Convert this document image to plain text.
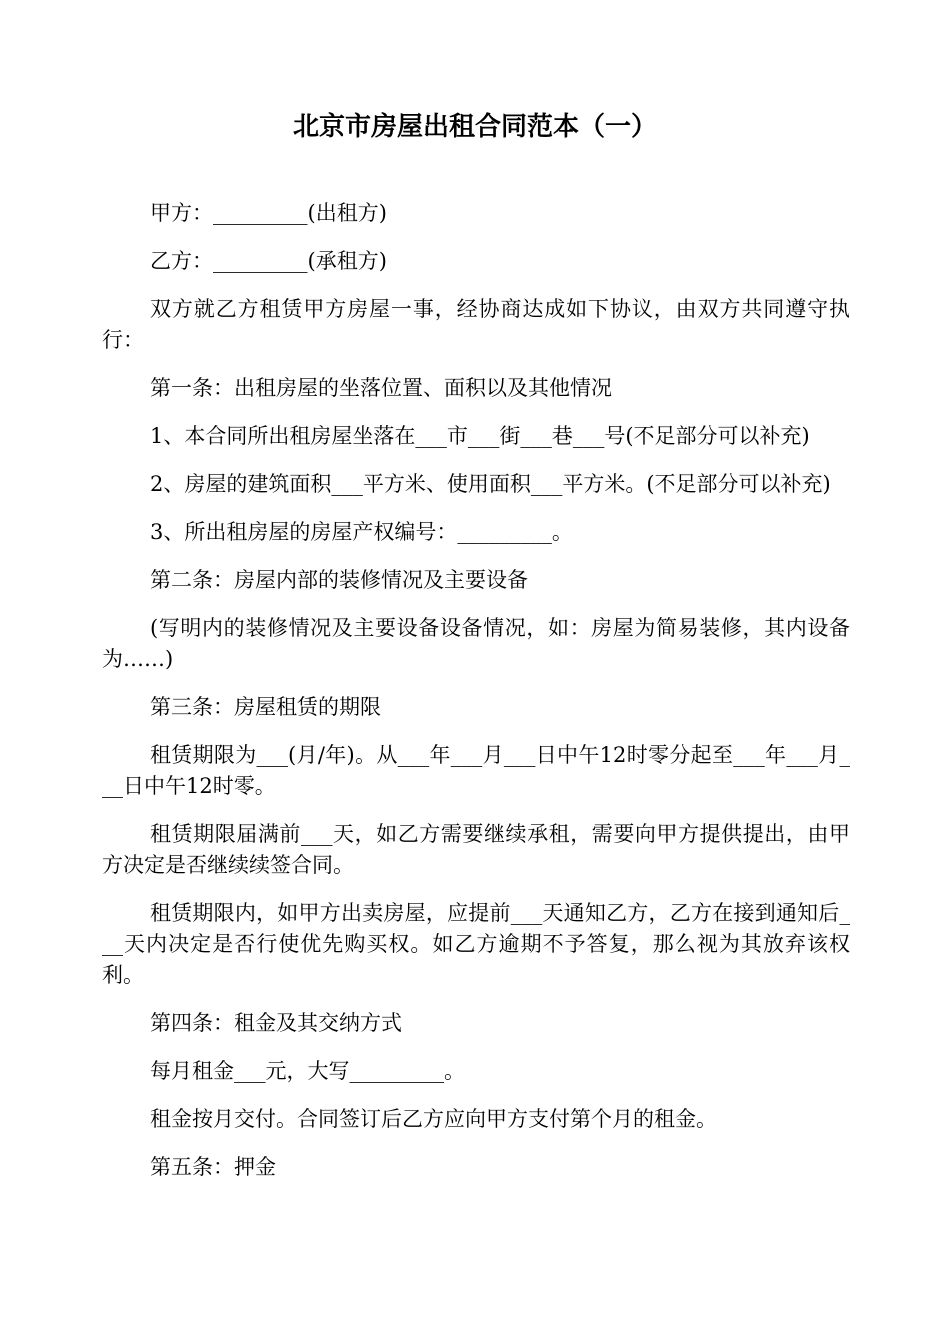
北京市房屋出租合同范本（一）

甲方：_________(出租方)

乙方：_________(承租方)

双方就乙方租赁甲方房屋一事，经协商达成如下协议，由双方共同遵守执行：

第一条：出租房屋的坐落位置、面积以及其他情况

1、本合同所出租房屋坐落在___市___街___巷___号(不足部分可以补充)

2、房屋的建筑面积___平方米、使用面积___平方米。(不足部分可以补充)

3、所出租房屋的房屋产权编号：_________。

第二条：房屋内部的装修情况及主要设备

(写明内的装修情况及主要设备设备情况，如：房屋为简易装修，其内设备为……)

第三条：房屋租赁的期限

租赁期限为___(月/年)。从___年___月___日中午12时零分起至___年___月___日中午12时零。

租赁期限届满前___天，如乙方需要继续承租，需要向甲方提供提出，由甲方决定是否继续续签合同。

租赁期限内，如甲方出卖房屋，应提前___天通知乙方，乙方在接到通知后___天内决定是否行使优先购买权。如乙方逾期不予答复，那么视为其放弃该权利。

第四条：租金及其交纳方式

每月租金___元，大写_________。

租金按月交付。合同签订后乙方应向甲方支付第个月的租金。

第五条：押金
